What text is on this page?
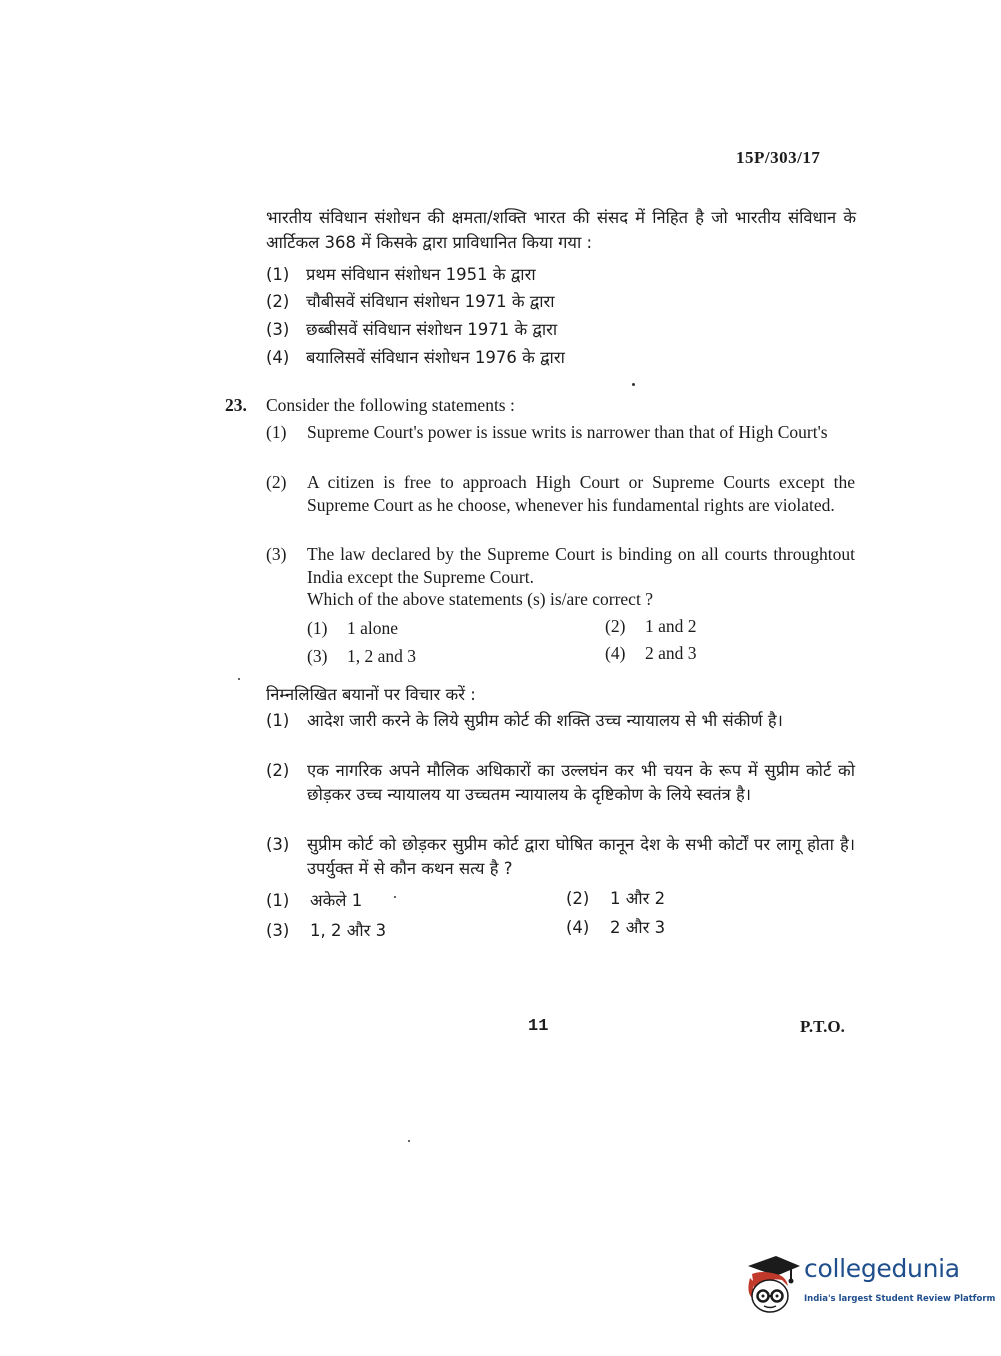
15P/303/17
भारतीय संविधान संशोधन की क्षमता/शक्ति भारत की संसद में निहित है जो भारतीय संविधान के आर्टिकल 368 में किसके द्वारा प्राविधानित किया गया :
(1) प्रथम संविधान संशोधन 1951 के द्वारा
(2) चौबीसवें संविधान संशोधन 1971 के द्वारा
(3) छब्बीसवें संविधान संशोधन 1971 के द्वारा
(4) बयालिसवें संविधान संशोधन 1976 के द्वारा
23. Consider the following statements :
(1) Supreme Court's power is issue writs is narrower than that of High Court's
(2) A citizen is free to approach High Court or Supreme Courts except the Supreme Court as he choose, whenever his fundamental rights are violated.
(3) The law declared by the Supreme Court is binding on all courts throughtout India except the Supreme Court.
Which of the above statements (s) is/are correct ?
(1) 1 alone	(2) 1 and 2
(3) 1, 2 and 3	(4) 2 and 3
निम्नलिखित बयानों पर विचार करें :
(1) आदेश जारी करने के लिये सुप्रीम कोर्ट की शक्ति उच्च न्यायालय से भी संकीर्ण है।
(2) एक नागरिक अपने मौलिक अधिकारों का उल्लघंन कर भी चयन के रूप में सुप्रीम कोर्ट को छोड़कर उच्च न्यायालय या उच्चतम न्यायालय के दृष्टिकोण के लिये स्वतंत्र है।
(3) सुप्रीम कोर्ट को छोड़कर सुप्रीम कोर्ट द्वारा घोषित कानून देश के सभी कोर्टों पर लागू होता है। उपर्युक्त में से कौन कथन सत्य है ?
(1) अकेले 1	(2) 1 और 2
(3) 1, 2 और 3	(4) 2 और 3
11	P.T.O.
collegedunia
India's largest Student Review Platform
